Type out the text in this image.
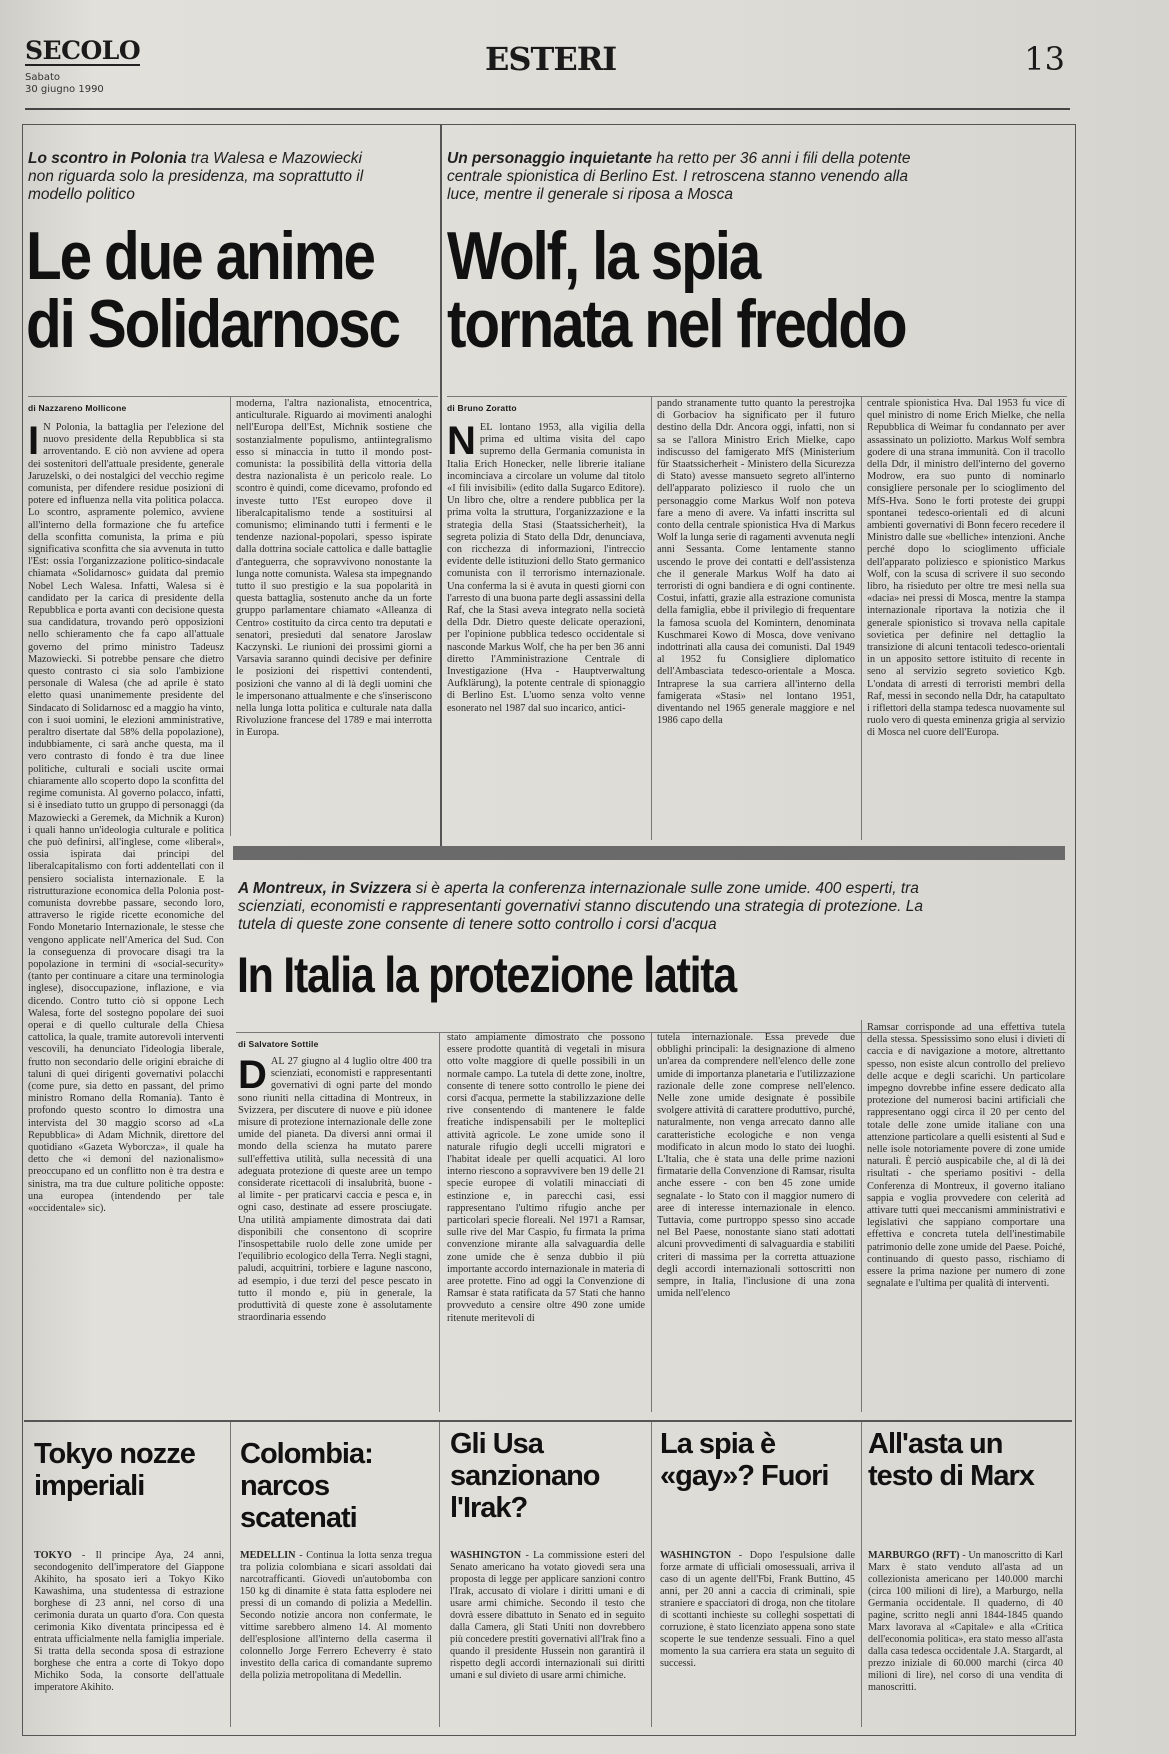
SECOLO
Sabato
30 giugno 1990
ESTERI	13
Lo scontro in Polonia tra Walesa e Mazowiecki non riguarda solo la presidenza, ma soprattutto il modello politico
Le due anime
di Solidarnosc
di Nazzareno Mollicone
I N Polonia, la battaglia per l'elezione del nuovo presidente della Repubblica si sta arroventando. E ciò non avviene ad opera dei sostenitori dell'attuale presidente, generale Jaruzelski, o dei nostalgici del vecchio regime comunista, per difendere residue posizioni di potere ed influenza nella vita politica polacca. Lo scontro, aspramente polemico, avviene all'interno della formazione che fu artefice della sconfitta comunista, la prima e più significativa sconfitta che sia avvenuta in tutto l'Est: ossia l'organizzazione politico-sindacale chiamata «Solidarnosc» guidata dal premio Nobel Lech Walesa. Infatti, Walesa si è candidato per la carica di presidente della Repubblica e porta avanti con decisione questa sua candidatura, trovando però opposizioni nello schieramento che fa capo all'attuale governo del primo ministro Tadeusz Mazowiecki. Si potrebbe pensare che dietro questo contrasto ci sia solo l'ambizione personale di Walesa (che ad aprile è stato eletto quasi unanimemente presidente del Sindacato di Solidarnosc ed a maggio ha vinto, con i suoi uomini, le elezioni amministrative, peraltro disertate dal 58% della popolazione), indubbiamente, ci sarà anche questa, ma il vero contrasto di fondo è tra due linee politiche, culturali e sociali uscite ormai chiaramente allo scoperto dopo la sconfitta del regime comunista. Al governo polacco, infatti, si è insediato tutto un gruppo di personaggi (da Mazowiecki a Geremek, da Michnik a Kuron) i quali hanno un'ideologia culturale e politica che può definirsi, all'inglese, come «liberal», ossia ispirata dai principi del liberalcapitalismo con forti addentellati con il pensiero socialista internazionale. E la ristrutturazione economica della Polonia post-comunista dovrebbe passare, secondo loro, attraverso le rigide ricette economiche del Fondo Monetario Internazionale, le stesse che vengono applicate nell'America del Sud. Con la conseguenza di provocare disagi tra la popolazione in termini di «social-security» (tanto per continuare a citare una terminologia inglese), disoccupazione, inflazione, e via dicendo. Contro tutto ciò si oppone Lech Walesa, forte del sostegno popolare dei suoi operai e di quello culturale della Chiesa cattolica, la quale, tramite autorevoli interventi vescovili, ha denunciato l'ideologia liberale, frutto non secondario delle origini ebraiche di taluni di quei dirigenti governativi polacchi (come pure, sia detto en passant, del primo ministro Romano della Romania). Tanto è profondo questo scontro lo dimostra una intervista del 30 maggio scorso ad «La Repubblica» di Adam Michnik, direttore del quotidiano «Gazeta Wyborcza», il quale ha detto che «i demoni del nazionalismo» preoccupano ed un conflitto non è tra destra e sinistra, ma tra due culture politiche opposte: una europea (intendendo per tale «occidentale» sic).
moderna, l'altra nazionalista, etnocentrica, anticulturale. Riguardo ai movimenti analoghi nell'Europa dell'Est, Michnik sostiene che sostanzialmente populismo, antiintegralismo esso si minaccia in tutto il mondo post-comunista: la possibilità della vittoria della destra nazionalista è un pericolo reale. Lo scontro è quindi, come dicevamo, profondo ed investe tutto l'Est europeo dove il liberalcapitalismo tende a sostituirsi al comunismo; eliminando tutti i fermenti e le tendenze nazional-popolari, spesso ispirate dalla dottrina sociale cattolica e dalle battaglie d'anteguerra, che sopravvivono nonostante la lunga notte comunista. Walesa sta impegnando tutto il suo prestigio e la sua popolarità in questa battaglia, sostenuto anche da un forte gruppo parlamentare chiamato «Alleanza di Centro» costituito da circa cento tra deputati e senatori, presieduti dal senatore Jaroslaw Kaczynski. Le riunioni dei prossimi giorni a Varsavia saranno quindi decisive per definire le posizioni dei rispettivi contendenti, posizioni che vanno al di là degli uomini che le impersonano attualmente e che s'inseriscono nella lunga lotta politica e culturale nata dalla Rivoluzione francese del 1789 e mai interrotta in Europa.
Un personaggio inquietante ha retto per 36 anni i fili della potente centrale spionistica di Berlino Est. I retroscena stanno venendo alla luce, mentre il generale si riposa a Mosca
Wolf, la spia
tornata nel freddo
di Bruno Zoratto
NEL lontano 1953, alla vigilia della prima ed ultima visita del capo supremo della Germania comunista in Italia Erich Honecker, nelle librerie italiane incominciava a circolare un volume dal titolo «I fili invisibili» (edito dalla Sugarco Editore). Un libro che, oltre a rendere pubblica per la prima volta la struttura, l'organizzazione e la strategia della Stasi (Staatssicherheit), la segreta polizia di Stato della Ddr, denunciava, con ricchezza di informazioni, l'intreccio evidente delle istituzioni dello Stato germanico comunista con il terrorismo internazionale. Una conferma la si è avuta in questi giorni con l'arresto di una buona parte degli assassini della Raf, che la Stasi aveva integrato nella società della Ddr. Dietro queste delicate operazioni, per l'opinione pubblica tedesco occidentale si nasconde Markus Wolf, che ha per ben 36 anni diretto l'Amministrazione Centrale di Investigazione (Hva - Hauptverwaltung Aufklärung), la potente centrale di spionaggio di Berlino Est. L'uomo senza volto venne esonerato nel 1987 dal suo incarico, antici-
pando stranamente tutto quanto la perestrojka di Gorbaciov ha significato per il futuro destino della Ddr. Ancora oggi, infatti, non si sa se l'allora Ministro Erich Mielke, capo indiscusso del famigerato MfS (Ministerium für Staatssicherheit - Ministero della Sicurezza di Stato) avesse mansueto segreto all'interno dell'apparato poliziesco il ruolo che un personaggio come Markus Wolf non poteva fare a meno di avere. Va infatti inscritta sul conto della centrale spionistica Hva di Markus Wolf la lunga serie di ragamenti avvenuta negli anni Sessanta. Come lentamente stanno uscendo le prove dei contatti e dell'assistenza che il generale Markus Wolf ha dato ai terroristi di ogni bandiera e di ogni continente. Costui, infatti, grazie alla estrazione comunista della famiglia, ebbe il privilegio di frequentare la famosa scuola del Komintern, denominata Kuschmarei Kowo di Mosca, dove venivano indottrinati alla causa dei comunisti. Dal 1949 al 1952 fu Consigliere diplomatico dell'Ambasciata tedesco-orientale a Mosca. Intraprese la sua carriera all'interno della famigerata «Stasi» nel lontano 1951, diventando nel 1965 generale maggiore e nel 1986 capo della
centrale spionistica Hva. Dal 1953 fu vice di quel ministro di nome Erich Mielke, che nella Repubblica di Weimar fu condannato per aver assassinato un poliziotto. Markus Wolf sembra godere di una strana immunità. Con il tracollo della Ddr, il ministro dell'interno del governo Modrow, era suo punto di nominarlo consigliere personale per lo scioglimento del MfS-Hva. Sono le forti proteste dei gruppi spontanei tedesco-orientali ed di alcuni ambienti governativi di Bonn fecero recedere il Ministro dalle sue «belliche» intenzioni. Anche perché dopo lo scioglimento ufficiale dell'apparato poliziesco e spionistico Markus Wolf, con la scusa di scrivere il suo secondo libro, ha risieduto per oltre tre mesi nella sua «dacia» nei pressi di Mosca, mentre la stampa internazionale riportava la notizia che il generale spionistico si trovava nella capitale sovietica per definire nel dettaglio la transizione di alcuni tentacoli tedesco-orientali in un apposito settore istituito di recente in seno al servizio segreto sovietico Kgb. L'ondata di arresti di terroristi membri della Raf, messi in secondo nella Ddr, ha catapultato i riflettori della stampa tedesca nuovamente sul ruolo vero di questa eminenza grigia al servizio di Mosca nel cuore dell'Europa.
A Montreux, in Svizzera si è aperta la conferenza internazionale sulle zone umide. 400 esperti, tra scienziati, economisti e rappresentanti governativi stanno discutendo una strategia di protezione. La tutela di queste zone consente di tenere sotto controllo i corsi d'acqua
In Italia la protezione latita
di Salvatore Sottile
DAL 27 giugno al 4 luglio oltre 400 tra scienziati, economisti e rappresentanti governativi di ogni parte del mondo sono riuniti nella cittadina di Montreux, in Svizzera, per discutere di nuove e più idonee misure di protezione internazionale delle zone umide del pianeta. Da diversi anni ormai il mondo della scienza ha mutato parere sull'effettiva utilità, sulla necessità di una adeguata protezione di queste aree un tempo considerate ricettacoli di insalubrità, buone - al limite - per praticarvi caccia e pesca e, in ogni caso, destinate ad essere prosciugate. Una utilità ampiamente dimostrata dai dati disponibili che consentono di scoprire l'insospettabile ruolo delle zone umide per l'equilibrio ecologico della Terra. Negli stagni, paludi, acquitrini, torbiere e lagune nascono, ad esempio, i due terzi del pesce pescato in tutto il mondo e, più in generale, la produttività di queste zone è assolutamente straordinaria essendo
stato ampiamente dimostrato che possono essere prodotte quantità di vegetali in misura otto volte maggiore di quelle possibili in un normale campo. La tutela di dette zone, inoltre, consente di tenere sotto controllo le piene dei corsi d'acqua, permette la stabilizzazione delle rive consentendo di mantenere le falde freatiche indispensabili per le molteplici attività agricole. Le zone umide sono il naturale rifugio degli uccelli migratori e l'habitat ideale per quelli acquatici. Al loro interno riescono a sopravvivere ben 19 delle 21 specie europee di volatili minacciati di estinzione e, in parecchi casi, essi rappresentano l'ultimo rifugio anche per particolari specie floreali. Nel 1971 a Ramsar, sulle rive del Mar Caspio, fu firmata la prima convenzione mirante alla salvaguardia delle zone umide che è senza dubbio il più importante accordo internazionale in materia di aree protette. Fino ad oggi la Convenzione di Ramsar è stata ratificata da 57 Stati che hanno provveduto a censire oltre 490 zone umide ritenute meritevoli di
tutela internazionale. Essa prevede due obblighi principali: la designazione di almeno un'area da comprendere nell'elenco delle zone umide di importanza planetaria e l'utilizzazione razionale delle zone comprese nell'elenco. Nelle zone umide designate è possibile svolgere attività di carattere produttivo, purché, naturalmente, non venga arrecato danno alle caratteristiche ecologiche e non venga modificato in alcun modo lo stato dei luoghi. L'Italia, che è stata una delle prime nazioni firmatarie della Convenzione di Ramsar, risulta anche essere - con ben 45 zone umide segnalate - lo Stato con il maggior numero di aree di interesse internazionale in elenco. Tuttavia, come purtroppo spesso sino accade nel Bel Paese, nonostante siano stati adottati alcuni provvedimenti di salvaguardia e stabiliti criteri di massima per la corretta attuazione degli accordi internazionali sottoscritti non sempre, in Italia, l'inclusione di una zona umida nell'elenco
Ramsar corrisponde ad una effettiva tutela della stessa. Spessissimo sono elusi i divieti di caccia e di navigazione a motore, altrettanto spesso, non esiste alcun controllo del prelievo delle acque e degli scarichi. Un particolare impegno dovrebbe infine essere dedicato alla protezione del numerosi bacini artificiali che rappresentano oggi circa il 20 per cento del totale delle zone umide italiane con una attenzione particolare a quelli esistenti al Sud e nelle isole notoriamente povere di zone umide naturali. È perciò auspicabile che, al di là dei risultati - che speriamo positivi - della Conferenza di Montreux, il governo italiano sappia e voglia provvedere con celerità ad attivare tutti quei meccanismi amministrativi e legislativi che sappiano comportare una effettiva e concreta tutela dell'inestimabile patrimonio delle zone umide del Paese. Poiché, continuando di questo passo, rischiamo di essere la prima nazione per numero di zone segnalate e l'ultima per qualità di interventi.
Tokyo nozze imperiali
TOKYO - Il principe Aya, 24 anni, secondogenito dell'imperatore del Giappone Akihito, ha sposato ieri a Tokyo Kiko Kawashima, una studentessa di estrazione borghese di 23 anni, nel corso di una cerimonia durata un quarto d'ora. Con questa cerimonia Kiko diventata principessa ed è entrata ufficialmente nella famiglia imperiale. Si tratta della seconda sposa di estrazione borghese che entra a corte di Tokyo dopo Michiko Soda, la consorte dell'attuale imperatore Akihito.
Colombia: narcos scatenati
MEDELLIN - Continua la lotta senza tregua tra polizia colombiana e sicari assoldati dai narcotrafficanti. Giovedì un'autobomba con 150 kg di dinamite è stata fatta esplodere nei pressi di un comando di polizia a Medellin. Secondo notizie ancora non confermate, le vittime sarebbero almeno 14. Al momento dell'esplosione all'interno della caserma il colonnello Jorge Ferrero Echeverry è stato investito della carica di comandante supremo della polizia metropolitana di Medellin.
Gli Usa sanzionano l'Irak?
WASHINGTON - La commissione esteri del Senato americano ha votato giovedì sera una proposta di legge per applicare sanzioni contro l'Irak, accusato di violare i diritti umani e di usare armi chimiche. Secondo il testo che dovrà essere dibattuto in Senato ed in seguito dalla Camera, gli Stati Uniti non dovrebbero più concedere prestiti governativi all'Irak fino a quando il presidente Hussein non garantirà il rispetto degli accordi internazionali sui diritti umani e sul divieto di usare armi chimiche.
La spia è «gay»? Fuori
WASHINGTON - Dopo l'espulsione dalle forze armate di ufficiali omosessuali, arriva il caso di un agente dell'Fbi, Frank Buttino, 45 anni, per 20 anni a caccia di criminali, spie straniere e spacciatori di droga, non che titolare di scottanti inchieste su colleghi sospettati di corruzione, è stato licenziato appena sono state scoperte le sue tendenze sessuali. Fino a quel momento la sua carriera era stata un seguito di successi.
All'asta un testo di Marx
MARBURGO (RFT) - Un manoscritto di Karl Marx è stato venduto all'asta ad un collezionista americano per 140.000 marchi (circa 100 milioni di lire), a Marburgo, nella Germania occidentale. Il quaderno, di 40 pagine, scritto negli anni 1844-1845 quando Marx lavorava al «Capitale» e alla «Critica dell'economia politica», era stato messo all'asta dalla casa tedesca occidentale J.A. Stargardt, al prezzo iniziale di 60.000 marchi (circa 40 milioni di lire), nel corso di una vendita di manoscritti.
